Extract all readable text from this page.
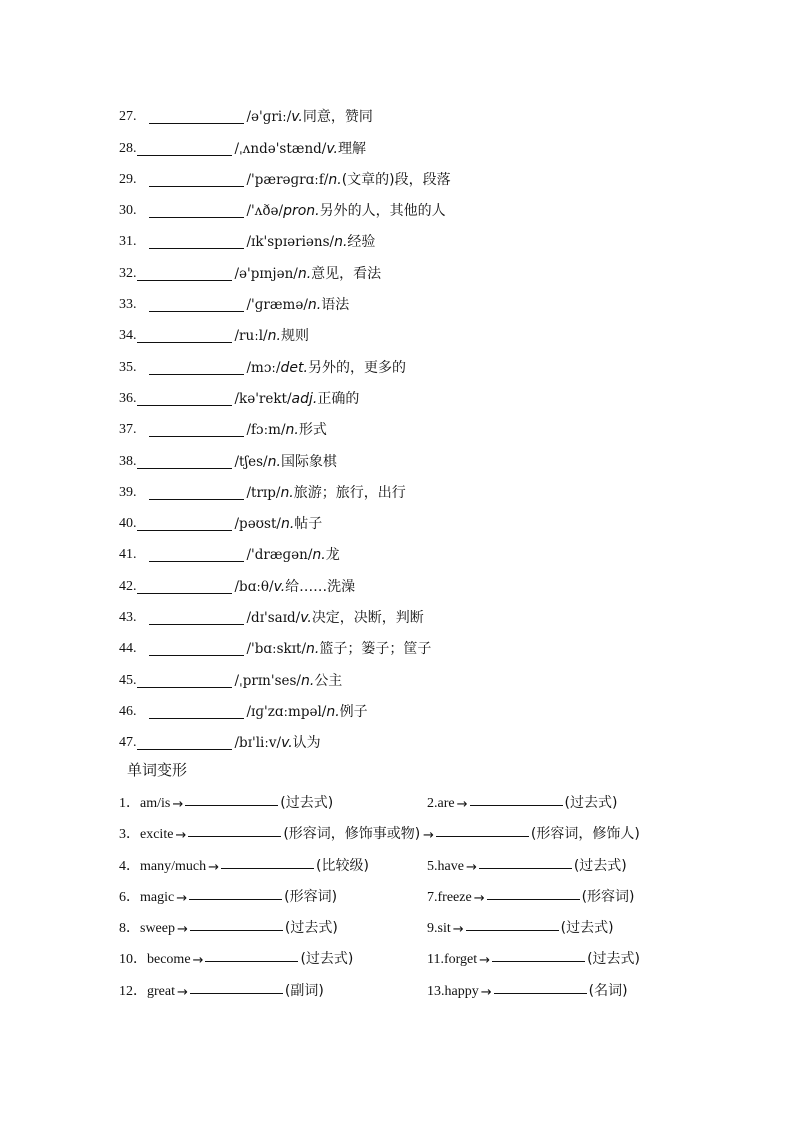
27.	/ə'ɡriː/ v. 同意，赞同
28.	/ˌʌndə'stænd/ v. 理解
29.	/'pærəɡrɑːf/ n. (文章的)段，段落
30.	/'ʌðə/ pron. 另外的人，其他的人
31.	/ɪk'spɪəriəns/ n. 经验
32.	/ə'pɪnjən/ n. 意见，看法
33.	/'ɡræmə/ n. 语法
34.	/ruːl/ n. 规则
35.	/mɔː/ det. 另外的，更多的
36.	/kə'rekt/ adj. 正确的
37.	/fɔːm/ n. 形式
38.	/tʃes/ n. 国际象棋
39.	/trɪp/ n. 旅游；旅行，出行
40.	/pəʊst/ n. 帖子
41.	/'dræɡən/ n. 龙
42.	/bɑːθ/ v. 给……洗澡
43.	/dɪ'saɪd/ v. 决定，决断，判断
44.	/'bɑːskɪt/ n. 篮子；篓子；筐子
45.	/ˌprɪn'ses/ n. 公主
46.	/ɪɡ'zɑːmpəl/ n. 例子
47.	/bɪ'liːv/ v. 认为
单词变形
1． am/is →	(过去式)	2. are →	(过去式)
3． excite →	(形容词，修饰事或物) →	(形容词，修饰人)
4． many/much →	(比较级)	5. have →	(过去式)
6． magic →	(形容词)	7. freeze →	(形容词)
8． sweep →	(过去式)	9. sit →	(过去式)
10． become →	(过去式)	11. forget →	(过去式)
12． great →	(副词)	13. happy →	(名词)
